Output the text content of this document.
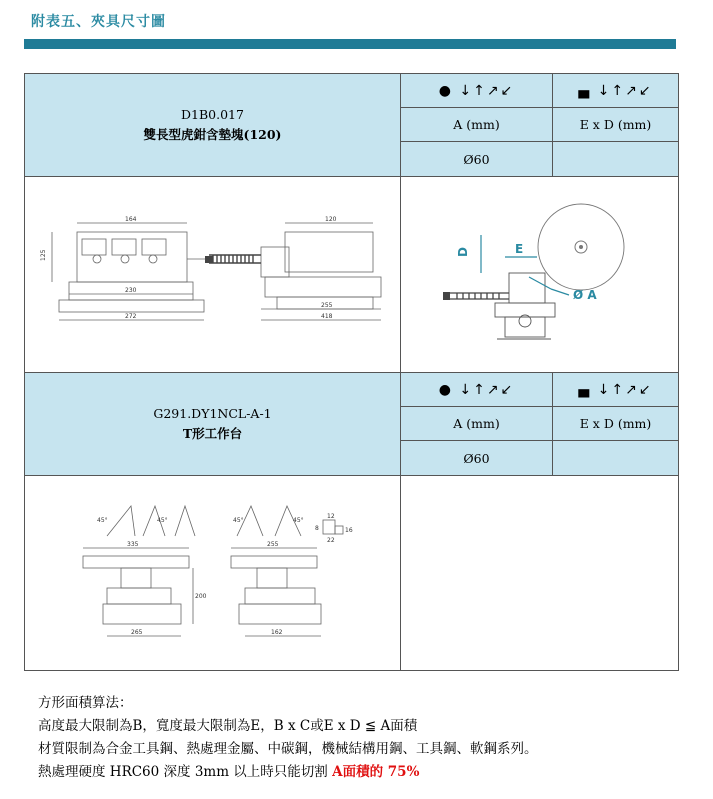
附表五、夾具尺寸圖
D1B0.017
雙長型虎鉗含墊塊(120)
● ↓↑↗↙	▄ ↓↑↗↙
A (mm)	E x D (mm)
Ø60
164
125
230
272
120
255
418
D	E
Ø A
G291.DY1NCL-A-1
T形工作台
● ↓↑↗↙	▄ ↓↑↗↙
A (mm)	E x D (mm)
Ø60
45°	45°
335
200
265
45°	45°
255
162
12
8	16
22
方形面積算法：
高度最大限制為B，寬度最大限制為E，B x C或E x D ≦ A面積
材質限制為合金工具鋼、熱處理金屬、中碳鋼，機械結構用鋼、工具鋼、軟鋼系列。
熱處理硬度 HRC60 深度 3mm 以上時只能切割 A面積的 75%
